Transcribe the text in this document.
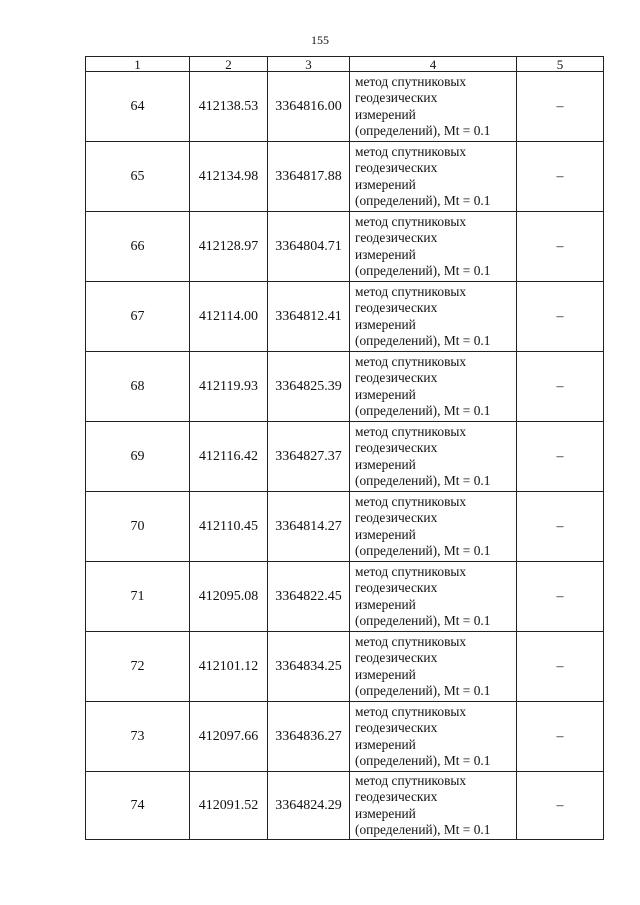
155
1	2	3	4	5
64	412138.53	3364816.00	метод спутниковых
геодезических
измерений
(определений), Mt = 0.1	–
65	412134.98	3364817.88	метод спутниковых
геодезических
измерений
(определений), Mt = 0.1	–
66	412128.97	3364804.71	метод спутниковых
геодезических
измерений
(определений), Mt = 0.1	–
67	412114.00	3364812.41	метод спутниковых
геодезических
измерений
(определений), Mt = 0.1	–
68	412119.93	3364825.39	метод спутниковых
геодезических
измерений
(определений), Mt = 0.1	–
69	412116.42	3364827.37	метод спутниковых
геодезических
измерений
(определений), Mt = 0.1	–
70	412110.45	3364814.27	метод спутниковых
геодезических
измерений
(определений), Mt = 0.1	–
71	412095.08	3364822.45	метод спутниковых
геодезических
измерений
(определений), Mt = 0.1	–
72	412101.12	3364834.25	метод спутниковых
геодезических
измерений
(определений), Mt = 0.1	–
73	412097.66	3364836.27	метод спутниковых
геодезических
измерений
(определений), Mt = 0.1	–
74	412091.52	3364824.29	метод спутниковых
геодезических
измерений
(определений), Mt = 0.1	–
